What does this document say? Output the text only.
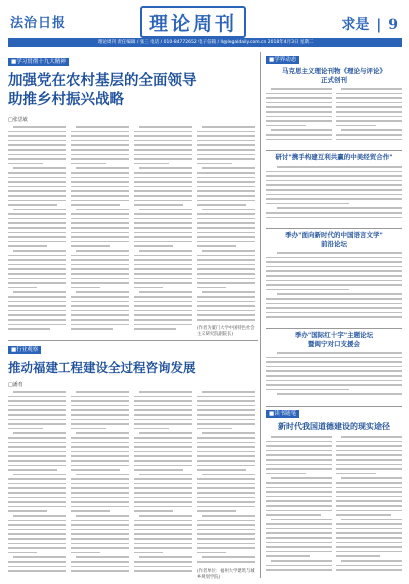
法治日报	理论周刊	求是 | 9
理论周刊 责任编辑 / 张三 电话 / 010-84772652 电子信箱 / ll@legaldaily.com.cn 2018年4月3日 星期二
■学习贯彻十九大精神
加强党在农村基层的全面领导
助推乡村振兴战略
□张思敏
(作者为厦门大学中国特色社会主义研究院副院长)
■行业观察
推动福建工程建设全过程咨询发展
□潘育
(作者单位：福州大学建筑与城乡规划学院)
■学界动态
马克思主义理论刊物《理论与评论》
正式创刊
研讨"携手构建互利共赢的中美经贸合作"
季办"面向新时代的中国语言文学"
前沿论坛
季办"国际红十字"主题论坛
暨闽宁对口支援会
■读书随笔
新时代我国道德建设的现实途径
